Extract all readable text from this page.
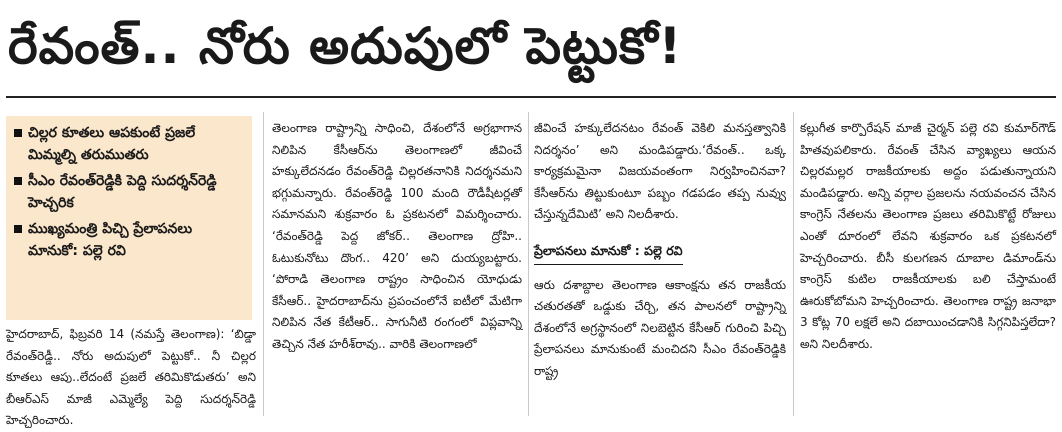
రేవంత్‌.. నోరు అదుపులో పెట్టుకో!
చిల్లర కూతలు ఆపకుంటే ప్రజలే మిమ్మల్ని తరుముతరు
సీఎం రేవంత్‌రెడ్డికి పెద్ది సుదర్శన్‌రెడ్డి హెచ్చరిక
ముఖ్యమంత్రి పిచ్చి ప్రేలాపనలు మానుకో: పల్లె రవి

హైదరాబాద్‌, ఫిబ్రవరి 14 (నమస్తే తెలంగాణ): ‘బిడ్డా రేవంత్‌రెడ్డీ.. నోరు అదుపులో పెట్టుకో.. నీ చిల్లర కూతలు ఆపు..లేదంటే ప్రజలే తరిమికొడుతరు’ అని బీఆర్‌ఎస్‌ మాజీ ఎమ్మెల్యే పెద్ది సుదర్శన్‌రెడ్డి హెచ్చరించారు.

తెలంగాణ రాష్ట్రాన్ని సాధించి, దేశంలోనే అగ్రభాగాన నిలిపిన కేసీఆర్‌ను తెలంగాణలో జీవించే హక్కులేదనడం రేవంత్‌రెడ్డి చిల్లరతనానికి నిదర్శనమని భగ్గుమన్నారు. రేవంత్‌రెడ్డి 100 మంది రౌడీషీటర్లతో సమానమని శుక్రవారం ఓ ప్రకటనలో విమర్శించారు. ‘రేవంత్‌రెడ్డి పెద్ద జోకర్‌.. తెలంగాణ ద్రోహి.. ఓటుకునోటు దొంగ.. 420’ అని దుయ్యబట్టారు. ‘పోరాడి తెలంగాణ రాష్ట్రం సాధించిన యోధుడు కేసీఆర్‌.. హైదరాబాద్‌ను ప్రపంచంలోనే ఐటీలో మేటిగా నిలిపిన నేత కేటీఆర్‌.. సాగునీటి రంగంలో విప్లవాన్ని తెచ్చిన నేత హరీశ్‌రావు.. వారికి తెలంగాణలో

జీవించే హక్కులేదనటం రేవంత్‌ వెకిలి మనస్తత్వానికి నిదర్శనం’ అని మండిపడ్డారు.‘రేవంత్‌.. ఒక్క కార్యక్రమమైనా విజయవంతంగా నిర్వహించినవా? కేసీఆర్‌ను తిట్టుకుంటూ పబ్బం గడపడం తప్ప నువ్వు చేస్తున్నదేమిటి’ అని నిలదీశారు.

ప్రేలాపనలు మానుకో : పల్లె రవి

ఆరు దశాబ్దాల తెలంగాణ ఆకాంక్షను తన రాజకీయ చతురతతో ఒడ్డుకు చేర్చి, తన పాలనలో రాష్ట్రాన్ని దేశంలోనే అగ్రస్థానంలో నిలబెట్టిన కేసీఆర్‌ గురించి పిచ్చి ప్రేలాపనలు మానుకుంటే మంచిదని సీఎం రేవంత్‌రెడ్డికి రాష్ట్ర

కల్లుగీత కార్పొరేషన్‌ మాజీ చైర్మన్‌ పల్లె రవి కుమార్‌గౌడ్‌ హితవుపలికారు. రేవంత్‌ చేసిన వ్యాఖ్యలు ఆయన చిల్లరమల్లర రాజకీయాలకు అద్దం పడుతున్నాయని మండిపడ్డారు. అన్ని వర్గాల ప్రజలను నయవంచన చేసిన కాంగ్రెస్‌ నేతలను తెలంగాణ ప్రజలు తరిమికొట్టే రోజులు ఎంతో దూరంలో లేవని శుక్రవారం ఒక ప్రకటనలో హెచ్చరించారు. బీసీ కులగణన దూబాల డిమాండ్‌ను కాంగ్రెస్‌ కుటిల రాజకీయాలకు బలి చేస్తామంటే ఊరుకోబోమని హెచ్చరించారు. తెలంగాణ రాష్ట్ర జనాభా 3 కోట్ల 70 లక్షలే అని దబాయించడానికి సిగ్గనిపిస్తలేదా? అని నిలదీశారు.
